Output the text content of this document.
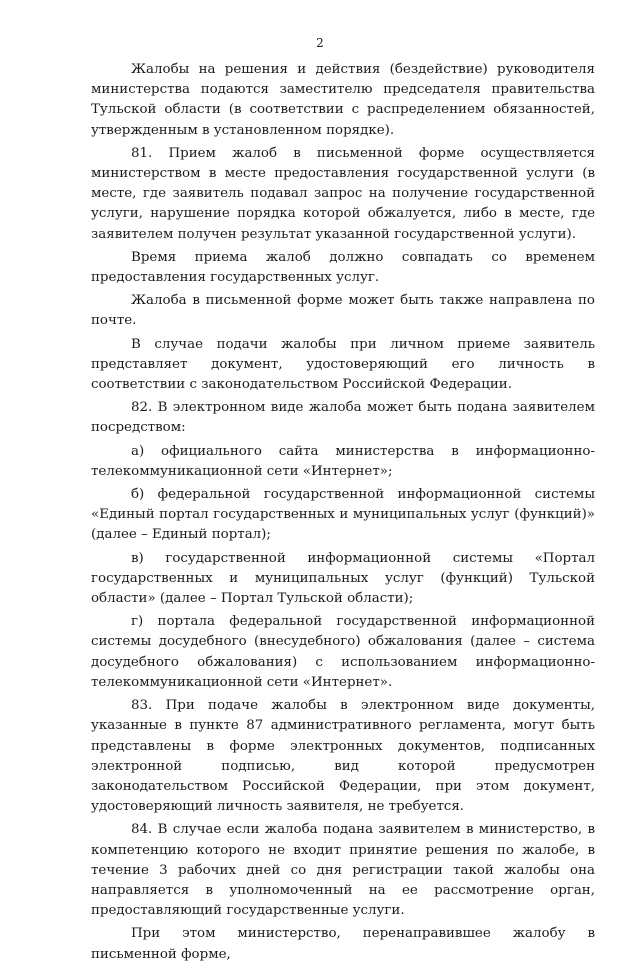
2

Жалобы на решения и действия (бездействие) руководителя министерства подаются заместителю председателя правительства Тульской области (в соответствии с распределением обязанностей, утвержденным в установленном порядке).

81. Прием жалоб в письменной форме осуществляется министерством в месте предоставления государственной услуги (в месте, где заявитель подавал запрос на получение государственной услуги, нарушение порядка которой обжалуется, либо в месте, где заявителем получен результат указанной государственной услуги).

Время приема жалоб должно совпадать со временем предоставления государственных услуг.

Жалоба в письменной форме может быть также направлена по почте.

В случае подачи жалобы при личном приеме заявитель представляет документ, удостоверяющий его личность в соответствии с законодательством Российской Федерации.

82. В электронном виде жалоба может быть подана заявителем посредством:

а) официального сайта министерства в информационно-телекоммуникационной сети «Интернет»;

б) федеральной государственной информационной системы «Единый портал государственных и муниципальных услуг (функций)» (далее – Единый портал);

в) государственной информационной системы «Портал государственных и муниципальных услуг (функций) Тульской области» (далее – Портал Тульской области);

г) портала федеральной государственной информационной системы досудебного (внесудебного) обжалования (далее – система досудебного обжалования) с использованием информационно-телекоммуникационной сети «Интернет».

83. При подаче жалобы в электронном виде документы, указанные в пункте 87 административного регламента, могут быть представлены в форме электронных документов, подписанных электронной подписью, вид которой предусмотрен законодательством Российской Федерации, при этом документ, удостоверяющий личность заявителя, не требуется.

84. В случае если жалоба подана заявителем в министерство, в компетенцию которого не входит принятие решения по жалобе, в течение 3 рабочих дней со дня регистрации такой жалобы она направляется в уполномоченный на ее рассмотрение орган, предоставляющий государственные услуги.

При этом министерство, перенаправившее жалобу в письменной форме,
